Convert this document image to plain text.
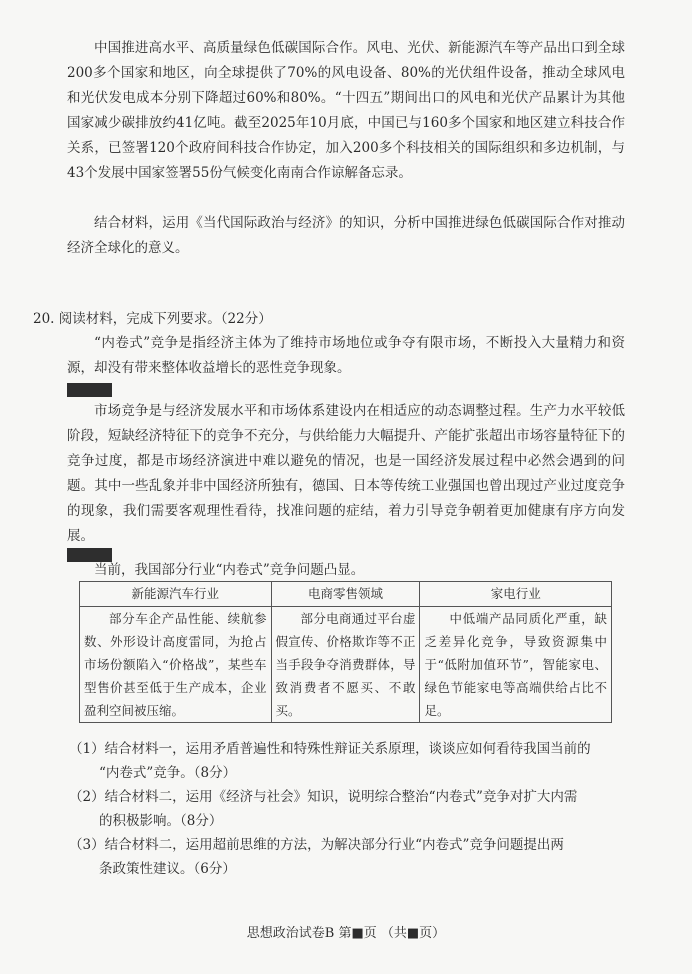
中国推进高水平、高质量绿色低碳国际合作。风电、光伏、新能源汽车等产品出口到全球200多个国家和地区，向全球提供了70%的风电设备、80%的光伏组件设备，推动全球风电和光伏发电成本分别下降超过60%和80%。“十四五”期间出口的风电和光伏产品累计为其他国家减少碳排放约41亿吨。截至2025年10月底，中国已与160多个国家和地区建立科技合作关系，已签署120个政府间科技合作协定，加入200多个科技相关的国际组织和多边机制，与43个发展中国家签署55份气候变化南南合作谅解备忘录。

结合材料，运用《当代国际政治与经济》的知识，分析中国推进绿色低碳国际合作对推动经济全球化的意义。

20. 阅读材料，完成下列要求。（22分）

“内卷式”竞争是指经济主体为了维持市场地位或争夺有限市场，不断投入大量精力和资源，却没有带来整体收益增长的恶性竞争现象。

市场竞争是与经济发展水平和市场体系建设内在相适应的动态调整过程。生产力水平较低阶段，短缺经济特征下的竞争不充分，与供给能力大幅提升、产能扩张超出市场容量特征下的竞争过度，都是市场经济演进中难以避免的情况，也是一国经济发展过程中必然会遇到的问题。其中一些乱象并非中国经济所独有，德国、日本等传统工业强国也曾出现过产业过度竞争的现象，我们需要客观理性看待，找准问题的症结，着力引导竞争朝着更加健康有序方向发展。

当前，我国部分行业“内卷式”竞争问题凸显。

新能源汽车行业	电商零售领域	家电行业
部分车企产品性能、续航参数、外形设计高度雷同，为抢占市场份额陷入“价格战”，某些车型售价甚至低于生产成本，企业盈利空间被压缩。	部分电商通过平台虚假宣传、价格欺诈等不正当手段争夺消费群体，导致消费者不愿买、不敢买。	中低端产品同质化严重，缺乏差异化竞争，导致资源集中于“低附加值环节”，智能家电、绿色节能家电等高端供给占比不足。

（1）结合材料一，运用矛盾普遍性和特殊性辩证关系原理，谈谈应如何看待我国当前的

“内卷式”竞争。（8分）

（2）结合材料二，运用《经济与社会》知识，说明综合整治“内卷式”竞争对扩大内需

的积极影响。（8分）

（3）结合材料二，运用超前思维的方法，为解决部分行业“内卷式”竞争问题提出两

条政策性建议。（6分）

思想政治试卷B 第■页 （共■页）
